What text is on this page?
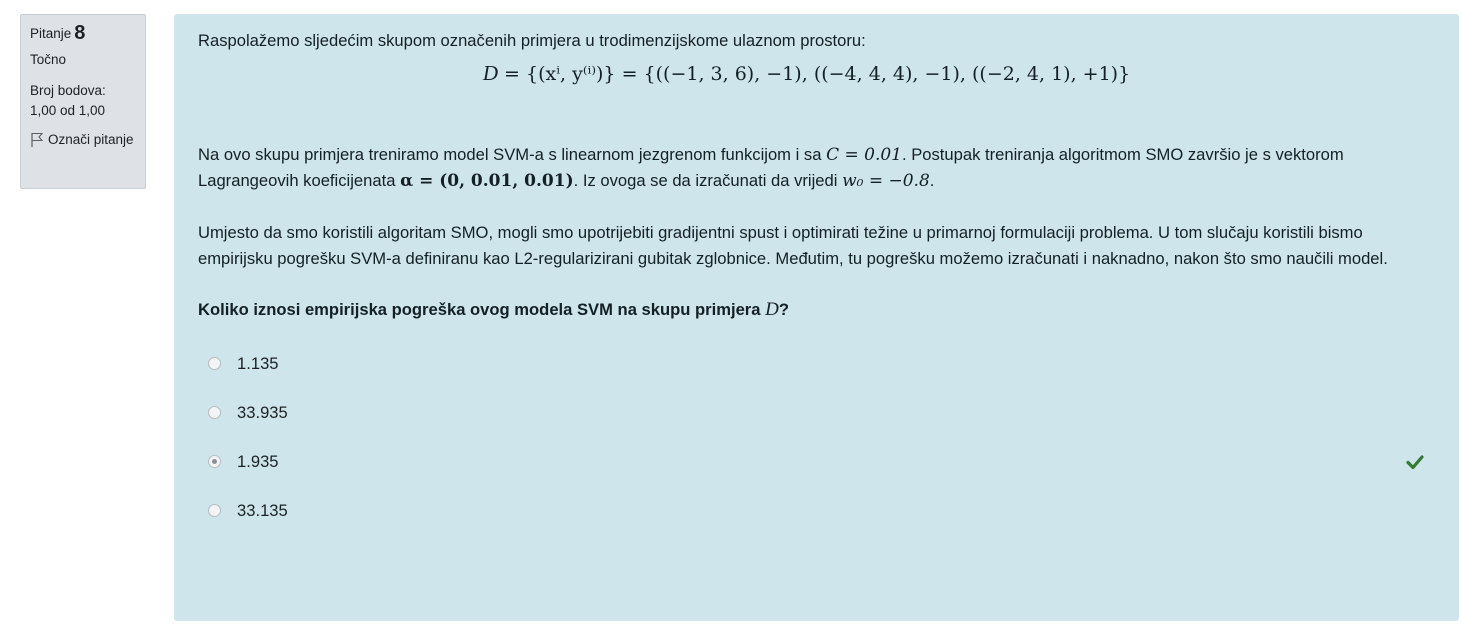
Pitanje 8
Točno
Broj bodova:
1,00 od 1,00
Označi pitanje

Raspolažemo sljedećim skupom označenih primjera u trodimenzijskome ulaznom prostoru:

D = {(xⁱ, y⁽ⁱ⁾)} = {((−1, 3, 6), −1), ((−4, 4, 4), −1), ((−2, 4, 1), +1)}

Na ovo skupu primjera treniramo model SVM-a s linearnom jezgrenom funkcijom i sa C = 0.01. Postupak treniranja algoritmom SMO završio je s vektorom Lagrangeovih koeficijenata α = (0, 0.01, 0.01). Iz ovoga se da izračunati da vrijedi w₀ = −0.8.

Umjesto da smo koristili algoritam SMO, mogli smo upotrijebiti gradijentni spust i optimirati težine u primarnoj formulaciji problema. U tom slučaju koristili bismo empirijsku pogrešku SVM-a definiranu kao L2-regularizirani gubitak zglobnice. Međutim, tu pogrešku možemo izračunati i naknadno, nakon što smo naučili model.

Koliko iznosi empirijska pogreška ovog modela SVM na skupu primjera D?

1.135
33.935
1.935
33.135
